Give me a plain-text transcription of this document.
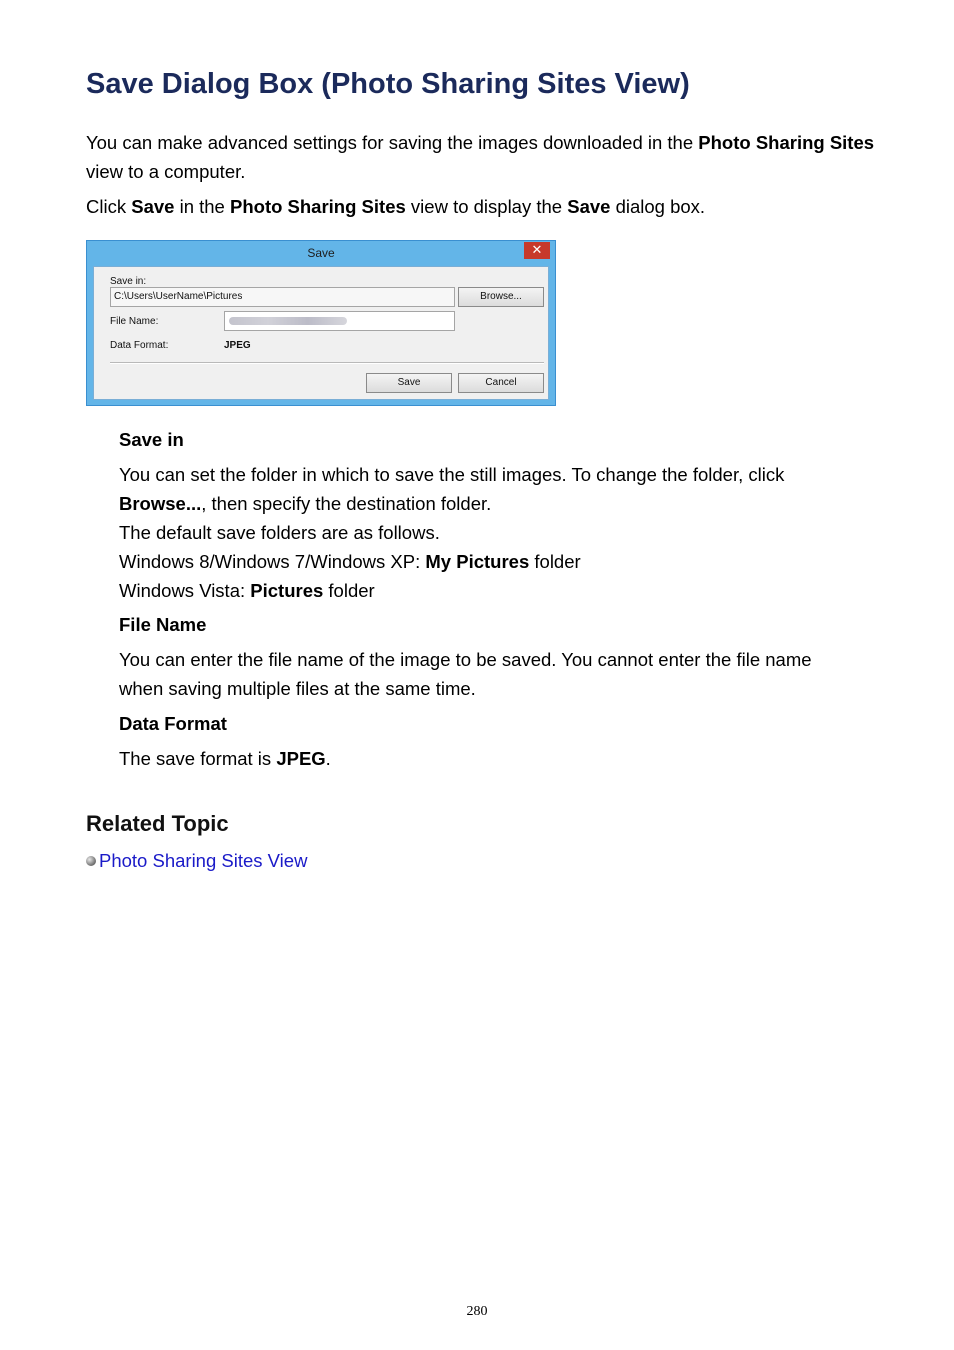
Save Dialog Box (Photo Sharing Sites View)

You can make advanced settings for saving the images downloaded in the Photo Sharing Sites view to a computer.

Click Save in the Photo Sharing Sites view to display the Save dialog box.

Save	✕
Save in:
C:\Users\UserName\Pictures	Browse...
File Name:
Data Format:	JPEG
Save	Cancel
Save in

You can set the folder in which to save the still images. To change the folder, click
Browse..., then specify the destination folder.
The default save folders are as follows.
Windows 8/Windows 7/Windows XP: My Pictures folder
Windows Vista: Pictures folder

File Name

You can enter the file name of the image to be saved. You cannot enter the file name
when saving multiple files at the same time.

Data Format

The save format is JPEG.

Related Topic
Photo Sharing Sites View
280
